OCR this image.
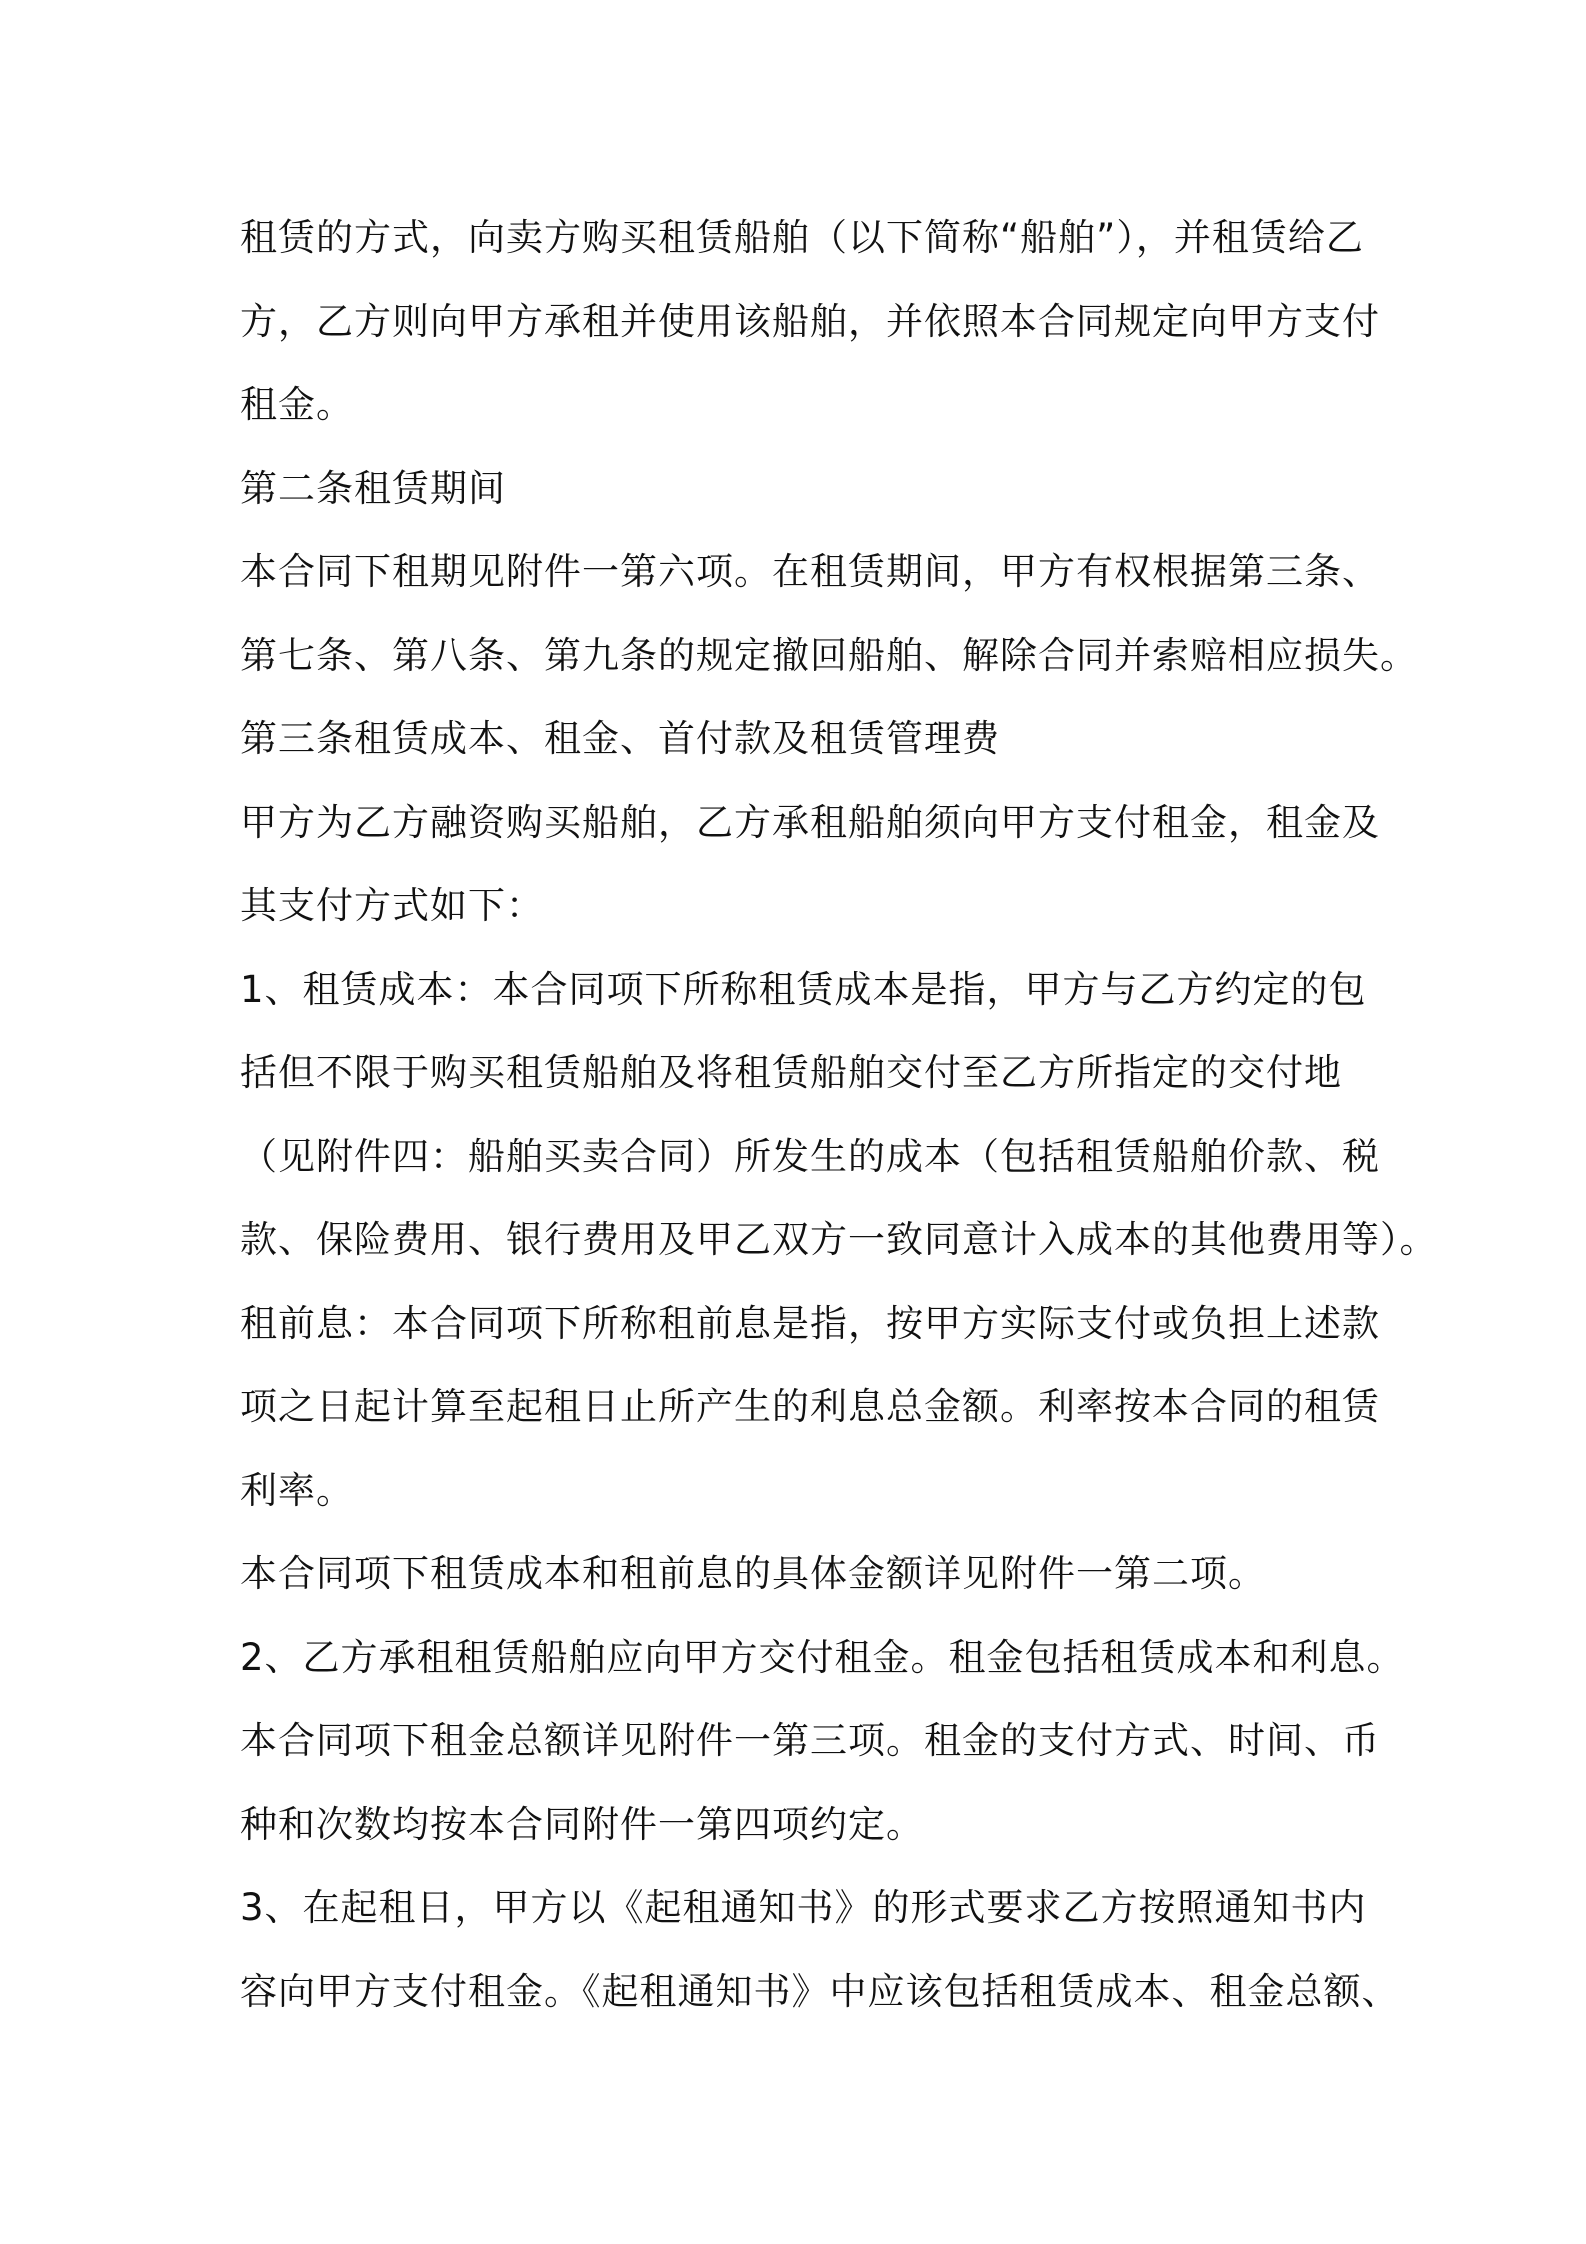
租赁的方式，向卖方购买租赁船舶（以下简称“船舶”），并租赁给乙
方，乙方则向甲方承租并使用该船舶，并依照本合同规定向甲方支付
租金。
第二条租赁期间
本合同下租期见附件一第六项。在租赁期间，甲方有权根据第三条、
第七条、第八条、第九条的规定撤回船舶、解除合同并索赔相应损失。
第三条租赁成本、租金、首付款及租赁管理费
甲方为乙方融资购买船舶，乙方承租船舶须向甲方支付租金，租金及
其支付方式如下：
1、租赁成本：本合同项下所称租赁成本是指，甲方与乙方约定的包
括但不限于购买租赁船舶及将租赁船舶交付至乙方所指定的交付地
（见附件四：船舶买卖合同）所发生的成本（包括租赁船舶价款、税
款、保险费用、银行费用及甲乙双方一致同意计入成本的其他费用等）。
租前息：本合同项下所称租前息是指，按甲方实际支付或负担上述款
项之日起计算至起租日止所产生的利息总金额。利率按本合同的租赁
利率。
本合同项下租赁成本和租前息的具体金额详见附件一第二项。
2、乙方承租租赁船舶应向甲方交付租金。租金包括租赁成本和利息。
本合同项下租金总额详见附件一第三项。租金的支付方式、时间、币
种和次数均按本合同附件一第四项约定。
3、在起租日，甲方以《起租通知书》的形式要求乙方按照通知书内
容向甲方支付租金。《起租通知书》中应该包括租赁成本、租金总额、
